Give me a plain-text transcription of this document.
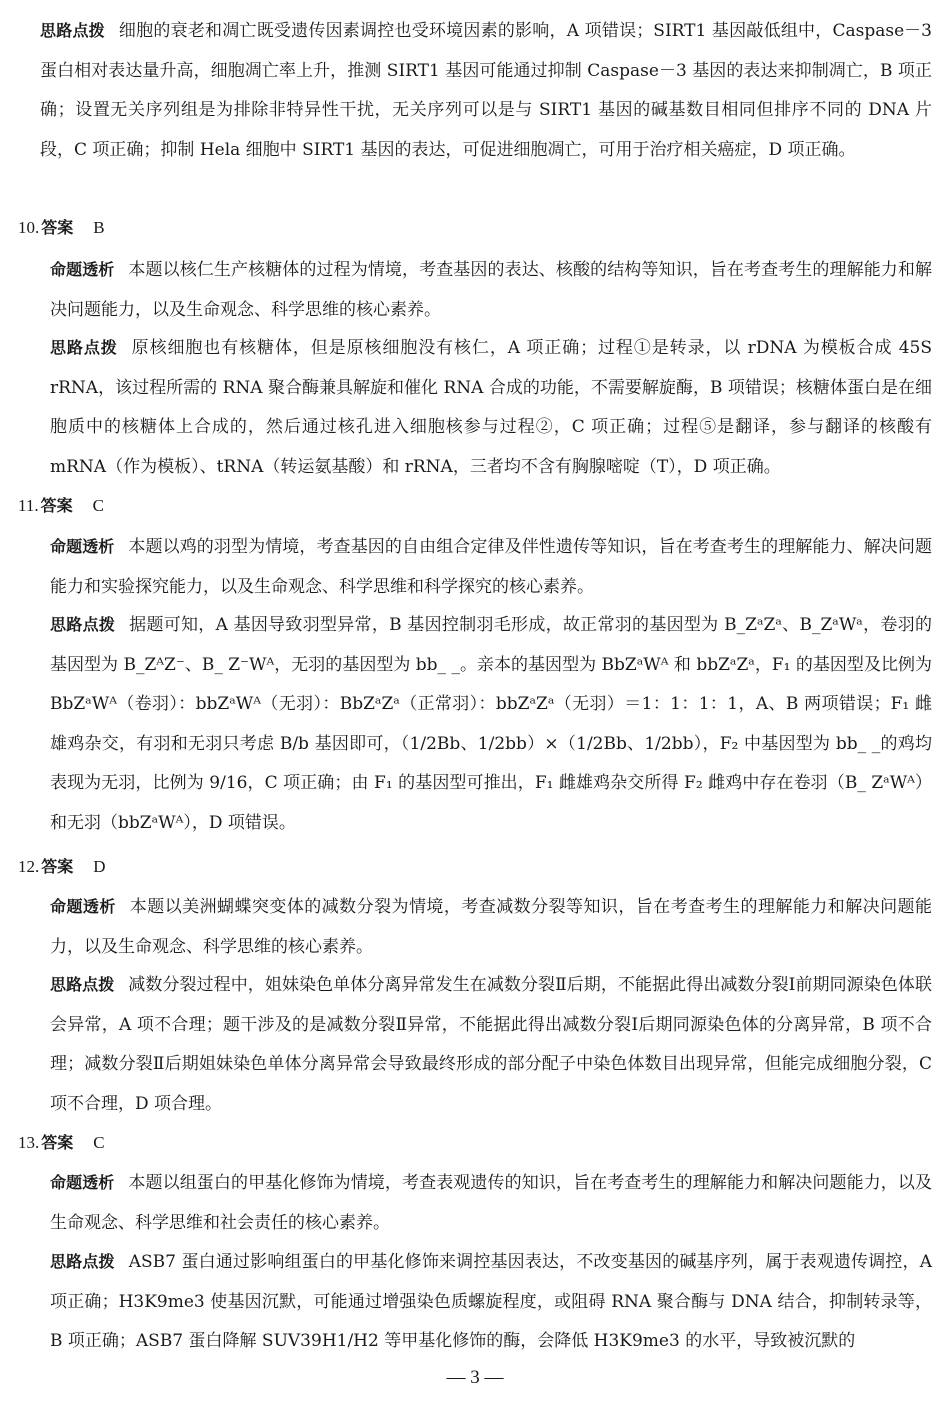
思路点拨 细胞的衰老和凋亡既受遗传因素调控也受环境因素的影响，A 项错误；SIRT1 基因敲低组中，Caspase－3 蛋白相对表达量升高，细胞凋亡率上升，推测 SIRT1 基因可能通过抑制 Caspase－3 基因的表达来抑制凋亡，B 项正确；设置无关序列组是为排除非特异性干扰，无关序列可以是与 SIRT1 基因的碱基数目相同但排序不同的 DNA 片段，C 项正确；抑制 Hela 细胞中 SIRT1 基因的表达，可促进细胞凋亡，可用于治疗相关癌症，D 项正确。

10. 答案 B

命题透析 本题以核仁生产核糖体的过程为情境，考查基因的表达、核酸的结构等知识，旨在考查考生的理解能力和解决问题能力，以及生命观念、科学思维的核心素养。

思路点拨 原核细胞也有核糖体，但是原核细胞没有核仁，A 项正确；过程①是转录，以 rDNA 为模板合成 45S rRNA，该过程所需的 RNA 聚合酶兼具解旋和催化 RNA 合成的功能，不需要解旋酶，B 项错误；核糖体蛋白是在细胞质中的核糖体上合成的，然后通过核孔进入细胞核参与过程②，C 项正确；过程⑤是翻译，参与翻译的核酸有 mRNA（作为模板）、tRNA（转运氨基酸）和 rRNA，三者均不含有胸腺嘧啶（T），D 项正确。

11. 答案 C

命题透析 本题以鸡的羽型为情境，考查基因的自由组合定律及伴性遗传等知识，旨在考查考生的理解能力、解决问题能力和实验探究能力，以及生命观念、科学思维和科学探究的核心素养。

思路点拨 据题可知，A 基因导致羽型异常，B 基因控制羽毛形成，故正常羽的基因型为 B_ZᵃZᵃ、B_ZᵃWᵃ，卷羽的基因型为 B_ZᴬZ⁻、B_ Z⁻Wᴬ，无羽的基因型为 bb_ _。亲本的基因型为 BbZᵃWᴬ 和 bbZᵃZᵃ，F₁ 的基因型及比例为 BbZᵃWᴬ（卷羽）：bbZᵃWᴬ（无羽）：BbZᵃZᵃ（正常羽）：bbZᵃZᵃ（无羽）＝1：1：1：1，A、B 两项错误；F₁ 雌雄鸡杂交，有羽和无羽只考虑 B/b 基因即可，（1/2Bb、1/2bb）×（1/2Bb、1/2bb），F₂ 中基因型为 bb_ _的鸡均表现为无羽，比例为 9/16，C 项正确；由 F₁ 的基因型可推出，F₁ 雌雄鸡杂交所得 F₂ 雌鸡中存在卷羽（B_ ZᵃWᴬ）和无羽（bbZᵃWᴬ），D 项错误。

12. 答案 D

命题透析 本题以美洲蝴蝶突变体的减数分裂为情境，考查减数分裂等知识，旨在考查考生的理解能力和解决问题能力，以及生命观念、科学思维的核心素养。

思路点拨 减数分裂过程中，姐妹染色单体分离异常发生在减数分裂Ⅱ后期，不能据此得出减数分裂Ⅰ前期同源染色体联会异常，A 项不合理；题干涉及的是减数分裂Ⅱ异常，不能据此得出减数分裂Ⅰ后期同源染色体的分离异常，B 项不合理；减数分裂Ⅱ后期姐妹染色单体分离异常会导致最终形成的部分配子中染色体数目出现异常，但能完成细胞分裂，C 项不合理，D 项合理。

13. 答案 C

命题透析 本题以组蛋白的甲基化修饰为情境，考查表观遗传的知识，旨在考查考生的理解能力和解决问题能力，以及生命观念、科学思维和社会责任的核心素养。

思路点拨 ASB7 蛋白通过影响组蛋白的甲基化修饰来调控基因表达，不改变基因的碱基序列，属于表观遗传调控，A 项正确；H3K9me3 使基因沉默，可能通过增强染色质螺旋程度，或阻碍 RNA 聚合酶与 DNA 结合，抑制转录等，B 项正确；ASB7 蛋白降解 SUV39H1/H2 等甲基化修饰的酶，会降低 H3K9me3 的水平，导致被沉默的

— 3 —
